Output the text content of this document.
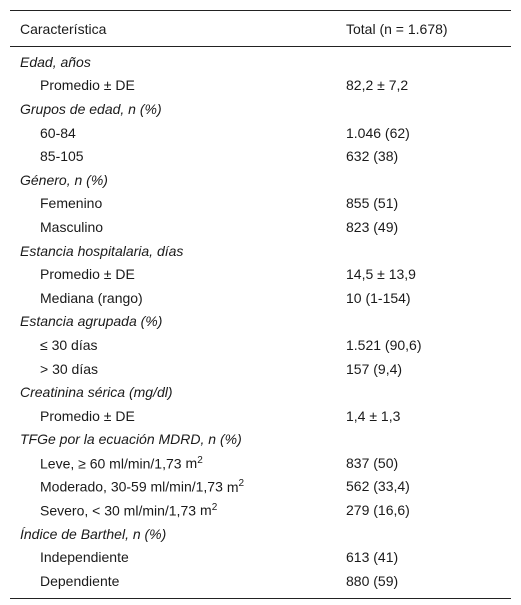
Característica	Total (n = 1.678)
Edad, años
Promedio ± DE	82,2 ± 7,2
Grupos de edad, n (%)
60-84	1.046 (62)
85-105	632 (38)
Género, n (%)
Femenino	855 (51)
Masculino	823 (49)
Estancia hospitalaria, días
Promedio ± DE	14,5 ± 13,9
Mediana (rango)	10 (1-154)
Estancia agrupada (%)
≤ 30 días	1.521 (90,6)
> 30 días	157 (9,4)
Creatinina sérica (mg/dl)
Promedio ± DE	1,4 ± 1,3
TFGe por la ecuación MDRD, n (%)
Leve, ≥ 60 ml/min/1,73 $m^2$	837 (50)
Moderado, 30-59 ml/min/1,73 $m^2$	562 (33,4)
Severo, < 30 ml/min/1,73 $m^2$	279 (16,6)
Índice de Barthel, n (%)
Independiente	613 (41)
Dependiente	880 (59)
